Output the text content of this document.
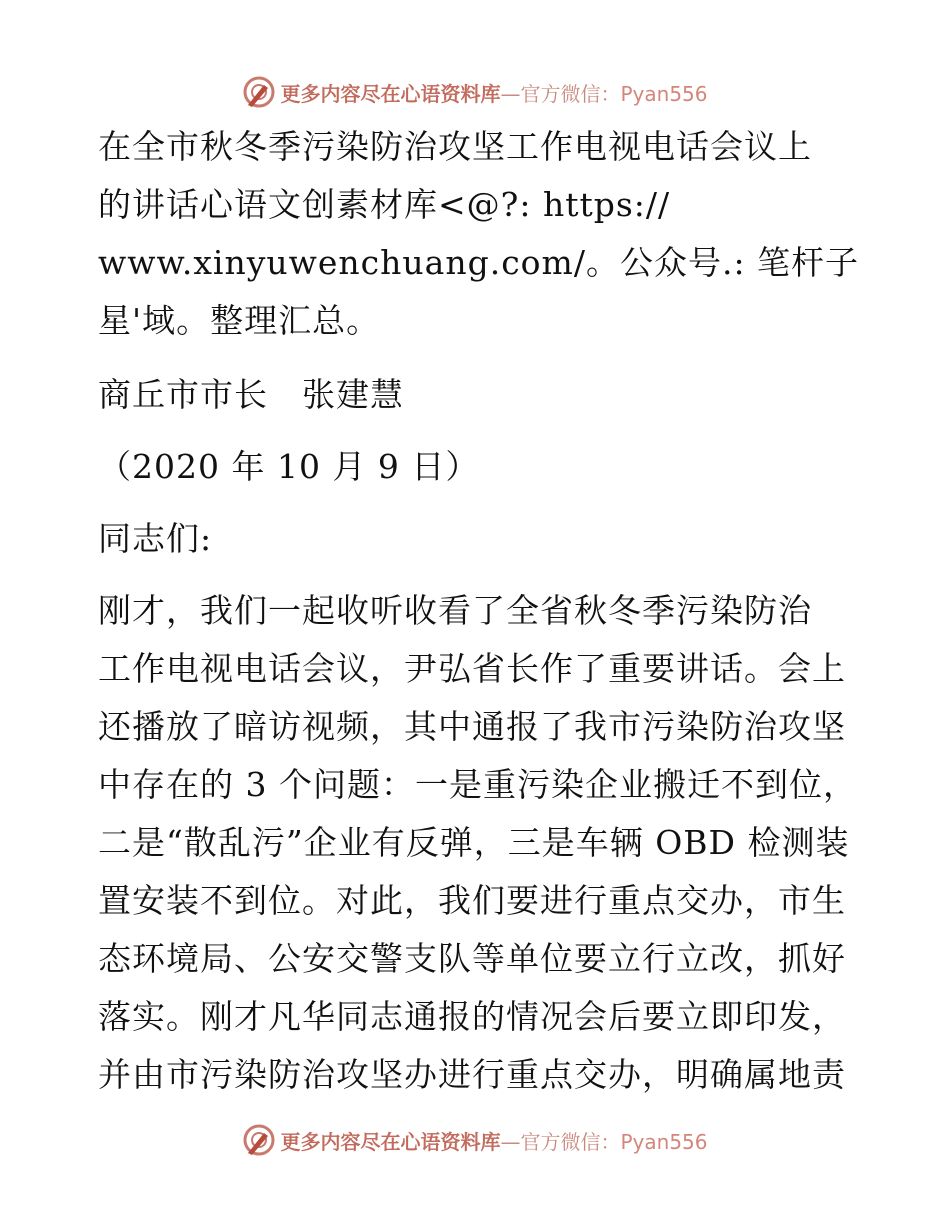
更多内容尽在心语资料库—官方微信：Pyan556
在全市秋冬季污染防治攻坚工作电视电话会议上
的讲话心语文创素材库<@?: https://
www.xinyuwenchuang.com/。公众号.: 笔杆子
星'域。整理汇总。
商丘市市长　张建慧
（2020 年 10 月 9 日）
同志们:
刚才，我们一起收听收看了全省秋冬季污染防治
工作电视电话会议，尹弘省长作了重要讲话。会上
还播放了暗访视频，其中通报了我市污染防治攻坚
中存在的 3 个问题：一是重污染企业搬迁不到位，
二是“散乱污”企业有反弹，三是车辆 OBD 检测装
置安装不到位。对此，我们要进行重点交办，市生
态环境局、公安交警支队等单位要立行立改，抓好
落实。刚才凡华同志通报的情况会后要立即印发，
并由市污染防治攻坚办进行重点交办，明确属地责
更多内容尽在心语资料库—官方微信：Pyan556
